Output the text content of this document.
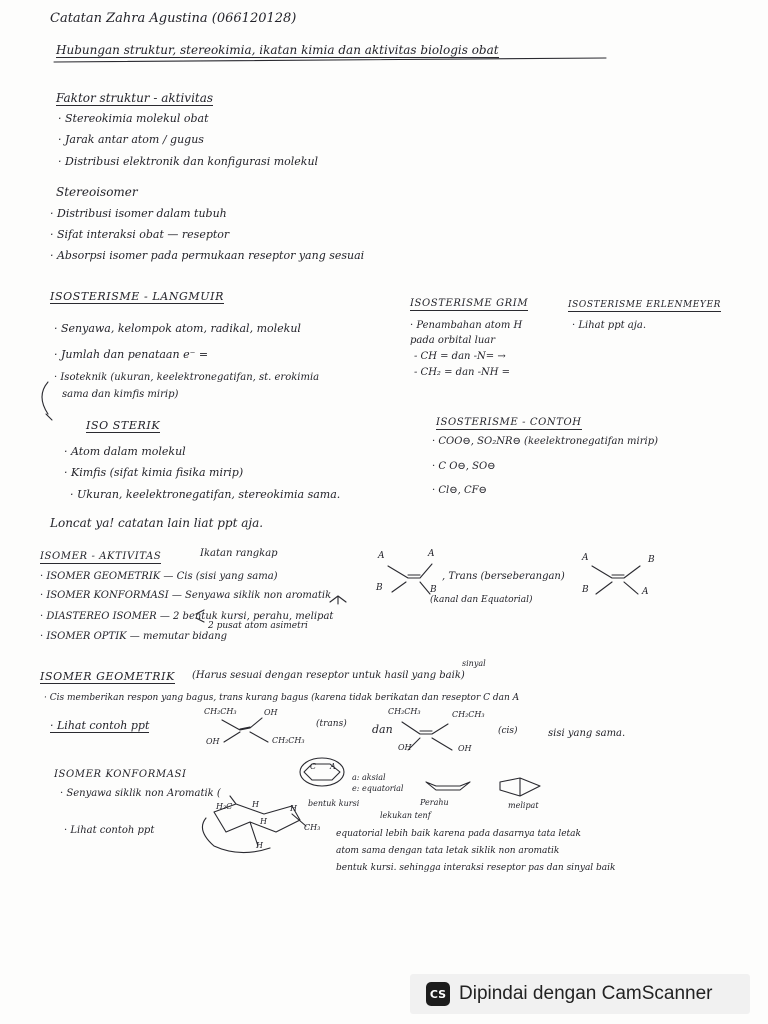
Catatan Zahra Agustina (066120128)
Hubungan struktur, stereokimia, ikatan kimia dan aktivitas biologis obat
Faktor struktur - aktivitas
· Stereokimia molekul obat
· Jarak antar atom / gugus
· Distribusi elektronik dan konfigurasi molekul
Stereoisomer
· Distribusi isomer dalam tubuh
· Sifat interaksi obat — reseptor
· Absorpsi isomer pada permukaan reseptor yang sesuai
ISOSTERISME - LANGMUIR
· Senyawa, kelompok atom, radikal, molekul
· Jumlah dan penataan e⁻ =
· Isoteknik (ukuran, keelektronegatifan, st. erokimia
sama dan kimfis mirip)
ISO STERIK
· Atom dalam molekul
· Kimfis (sifat kimia fisika mirip)
· Ukuran, keelektronegatifan, stereokimia sama.
ISOSTERISME GRIM
· Penambahan atom H
pada orbital luar
- CH = dan -N= →
- CH₂ = dan -NH =
ISOSTERISME ERLENMEYER
· Lihat ppt aja.
ISOSTERISME - CONTOH
· COO⊖, SO₂NR⊖ (keelektronegatifan mirip)
· C O⊖, SO⊖
· Cl⊖, CF⊖
Loncat ya! catatan lain liat ppt aja.
ISOMER - AKTIVITAS	Ikatan rangkap
· ISOMER GEOMETRIK — Cis (sisi yang sama)
· ISOMER KONFORMASI — Senyawa siklik non aromatik
· DIASTEREO ISOMER — 2 bentuk kursi, perahu, melipat
2 pusat atom asimetri
· ISOMER OPTIK — memutar bidang
, Trans (berseberangan)
(kanal dan Equatorial)
A	A
B	B
A	B
B	A
ISOMER GEOMETRIK (Harus sesuai dengan reseptor untuk hasil yang baik)
sinyal
· Cis memberikan respon yang bagus, trans kurang bagus (karena tidak berikatan dan reseptor C dan A
· Lihat contoh ppt	(trans) dan	(cis)	sisi yang sama.
CH₂CH₃	OH
OH	CH₂CH₃
CH₂CH₃	CH₂CH₃
OH	OH
ISOMER KONFORMASI
· Senyawa siklik non Aromatik (
· Lihat contoh ppt
C A
a: aksial
e: equatorial
bentuk kursi	Perahu
lekukan tenf
melipat
H₃C H	H
H
H
CH₃
equatorial lebih baik karena pada dasarnya tata letak
atom sama dengan tata letak siklik non aromatik
bentuk kursi. sehingga interaksi reseptor pas dan sinyal baik
CS Dipindai dengan CamScanner
